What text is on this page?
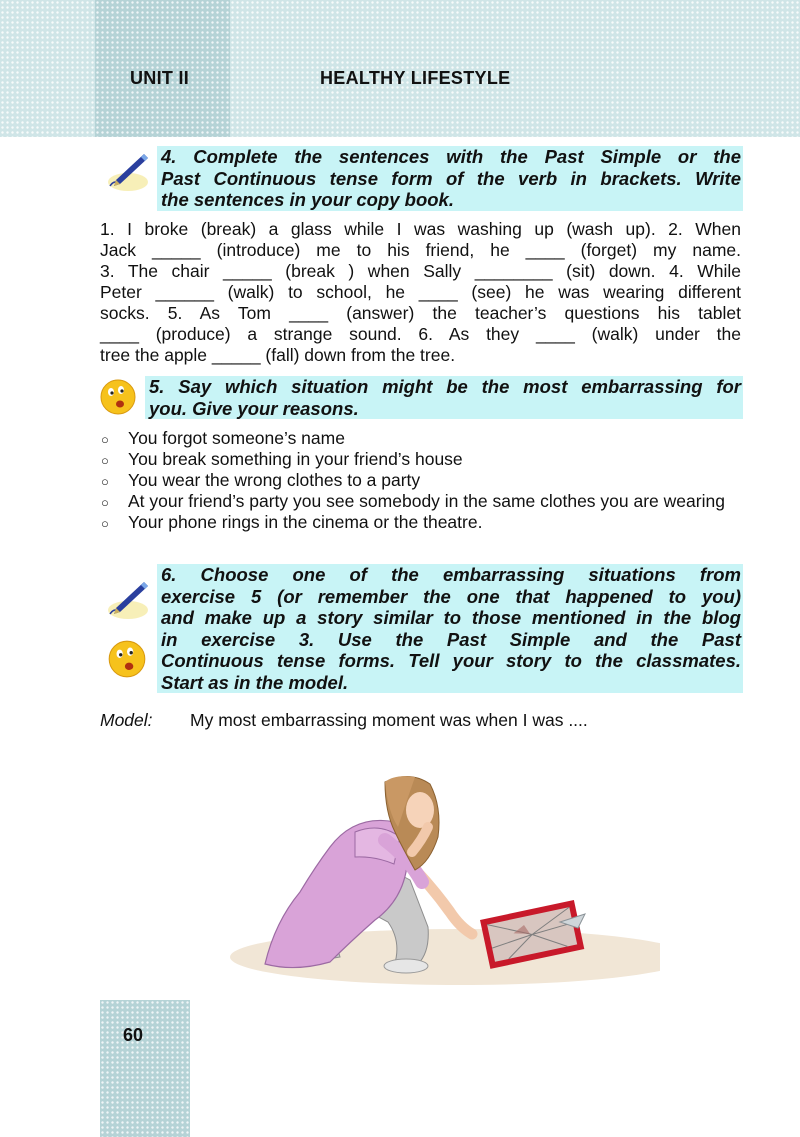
UNIT II	HEALTHY LIFESTYLE
4. Complete the sentences with the Past Simple or the
Past Continuous tense form of the verb in brackets. Write
the sentences in your copy book.
1. I broke (break) a glass while I was washing up (wash up). 2. When
Jack _____ (introduce) me to his friend, he ____ (forget) my name.
3. The chair _____ (break ) when Sally ________ (sit) down. 4. While
Peter ______ (walk) to school, he ____ (see) he was wearing different
socks. 5. As Tom ____ (answer) the teacher’s questions his tablet
____ (produce) a strange sound. 6. As they ____ (walk) under the
tree the apple _____ (fall) down from the tree.
5. Say which situation might be the most embarrassing for
you. Give your reasons.
○ You forgot someone’s name
○ You break something in your friend’s house
○ You wear the wrong clothes to a party
○ At your friend’s party you see somebody in the same clothes you are wearing
○ Your phone rings in the cinema or the theatre.
6. Choose one of the embarrassing situations from
exercise 5 (or remember the one that happened to you)
and make up a story similar to those mentioned in the blog
in exercise 3. Use the Past Simple and the Past
Continuous tense forms. Tell your story to the classmates.
Start as in the model.
Model: My most embarrassing moment was when I was ....
60
